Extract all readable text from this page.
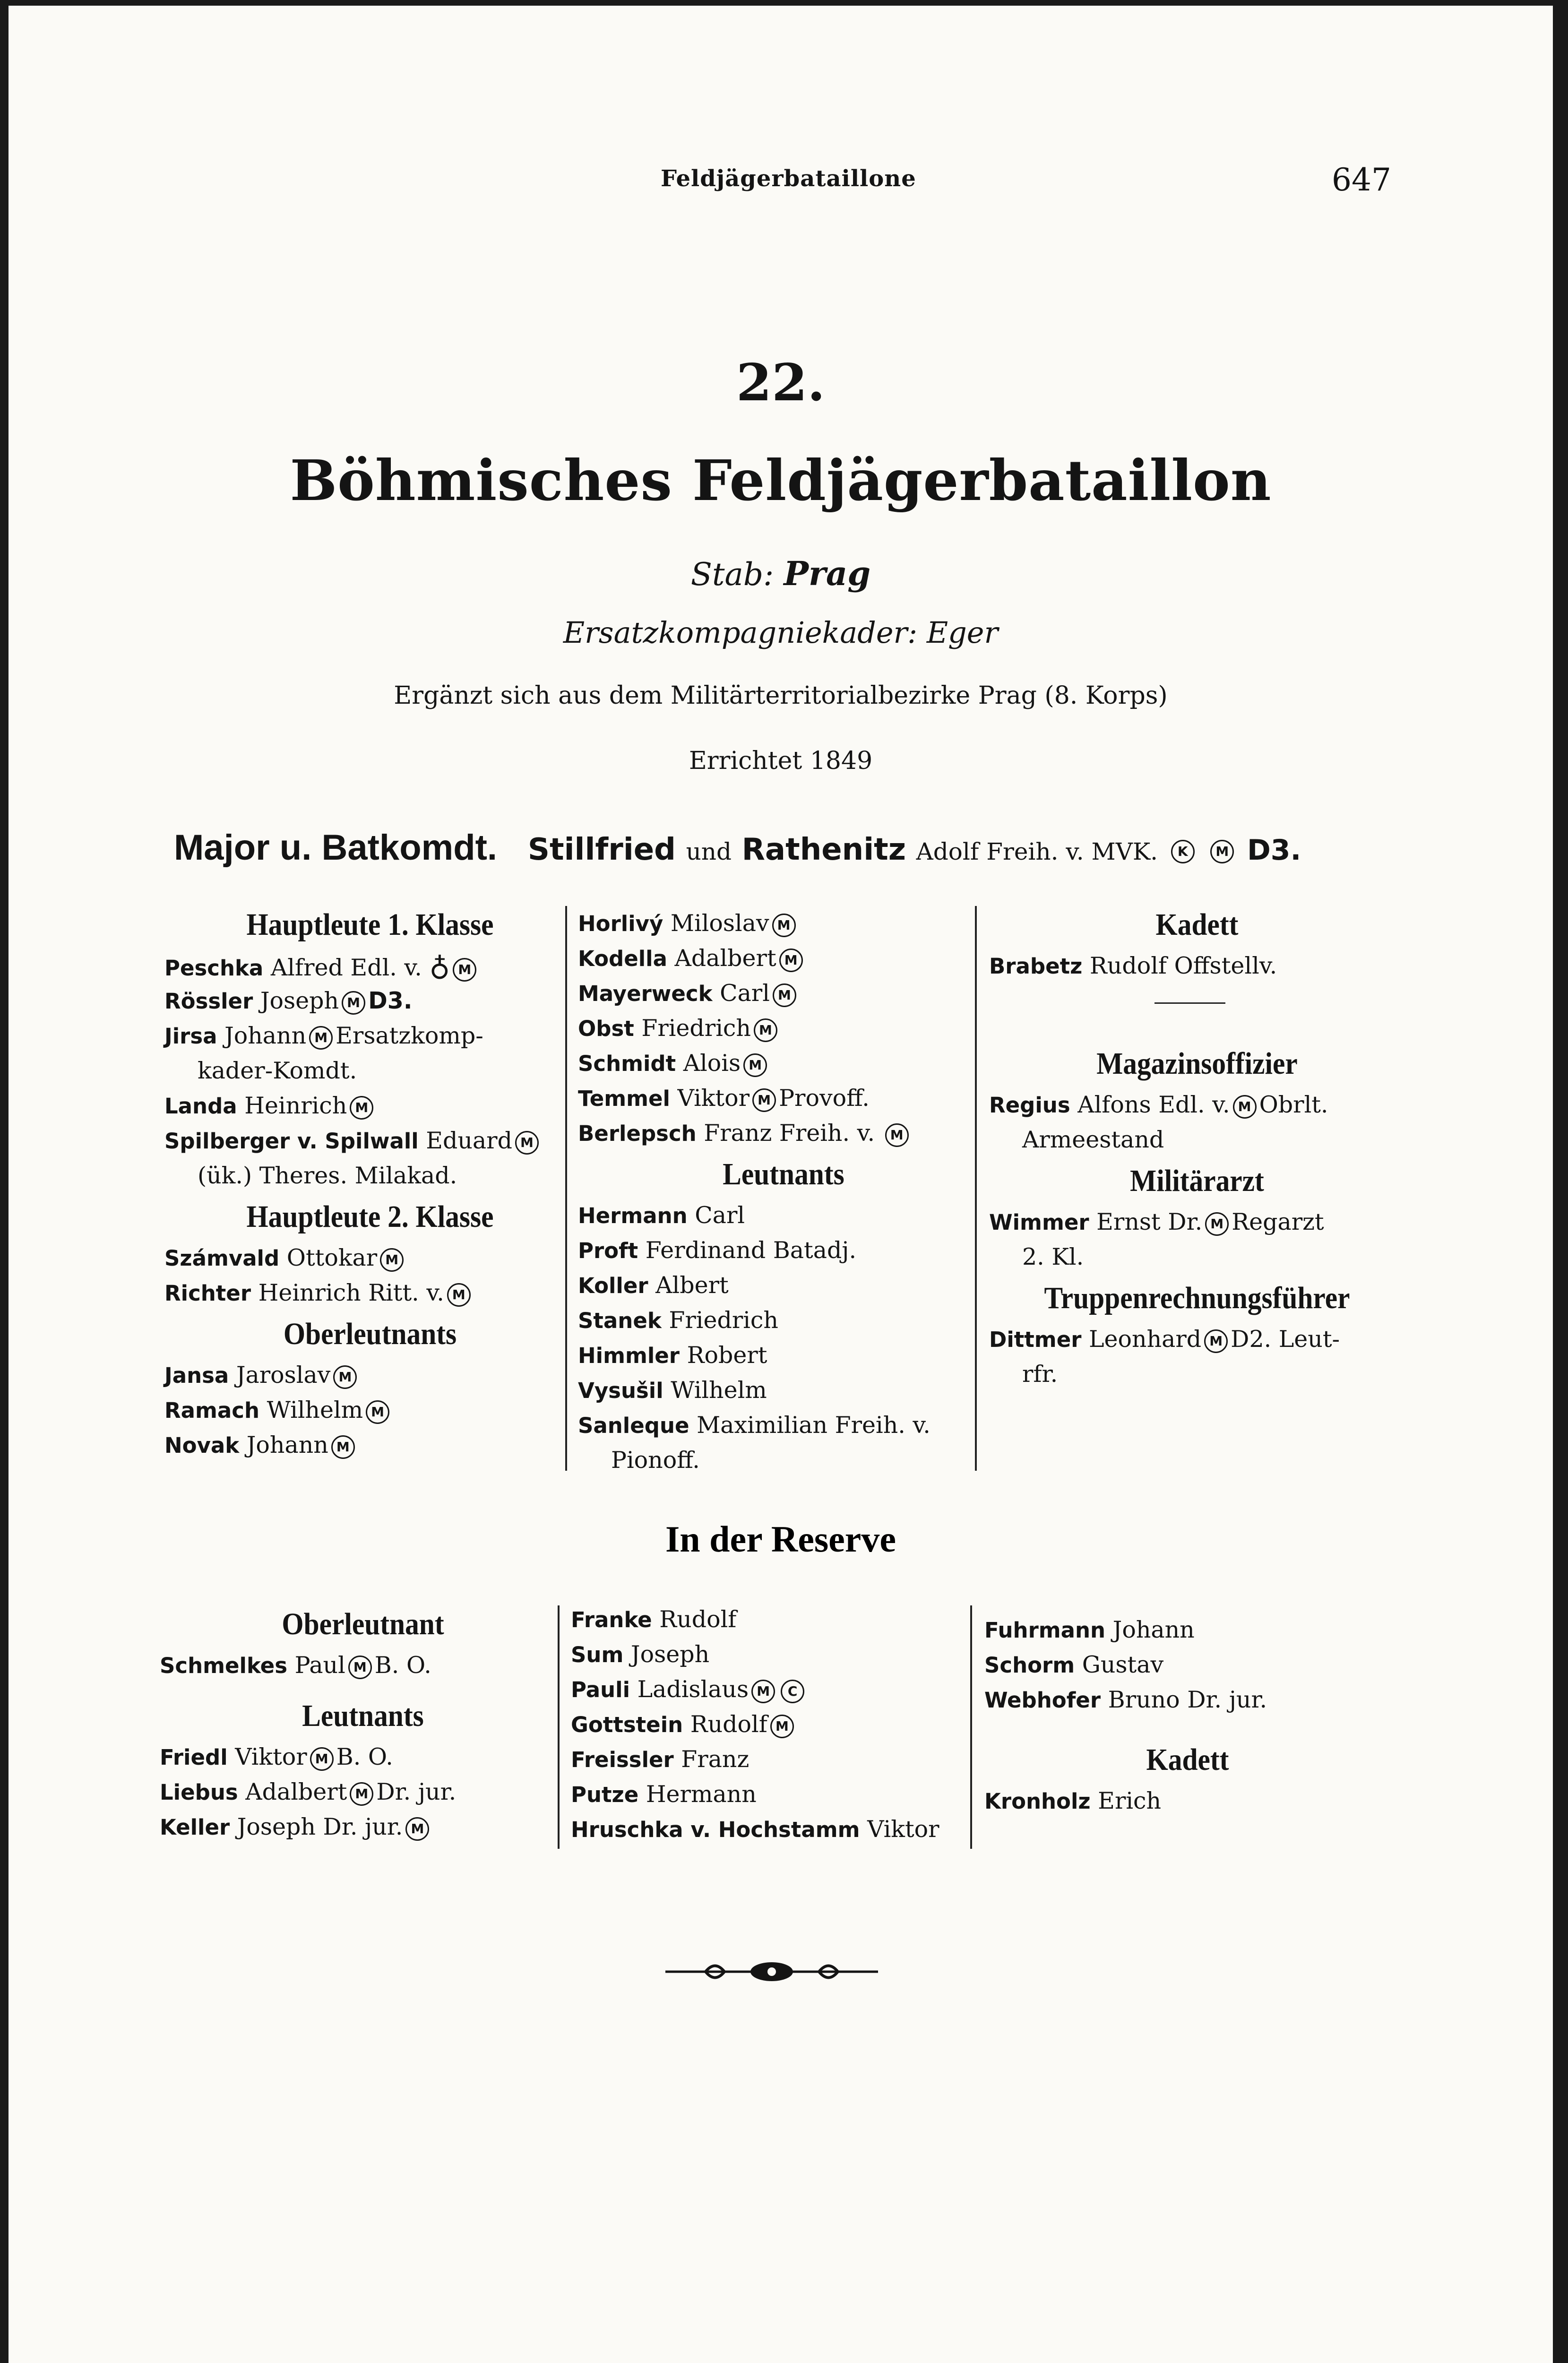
Feldjägerbataillone	647
22.
Böhmisches Feldjägerbataillon
Stab: Prag
Ersatzkompagniekader: Eger
Ergänzt sich aus dem Militärterritorialbezirke Prag (8. Korps)
Errichtet 1849
Major u. Batkomdt. Stillfried und Rathenitz Adolf Freih. v. MVK. K M D3.
Hauptleute 1. Klasse
Peschka Alfred Edl. v. ♁ M
Rössler Joseph M D3.
Jirsa Johann M Ersatzkomp-
kader-Komdt.
Landa Heinrich M
Spilberger v. Spilwall Eduard M
(ük.) Theres. Milakad.
Hauptleute 2. Klasse
Számvald Ottokar M
Richter Heinrich Ritt. v. M
Oberleutnants
Jansa Jaroslav M
Ramach Wilhelm M
Novak Johann M
Horlivý Miloslav M
Kodella Adalbert M
Mayerweck Carl M
Obst Friedrich M
Schmidt Alois M
Temmel Viktor M Provoff.
Berlepsch Franz Freih. v. M
Leutnants
Hermann Carl
Proft Ferdinand Batadj.
Koller Albert
Stanek Friedrich
Himmler Robert
Vysušil Wilhelm
Sanleque Maximilian Freih. v.
Pionoff.
Kadett
Brabetz Rudolf Offstellv.
Magazinsoffizier
Regius Alfons Edl. v. M Obrlt.
Armeestand
Militärarzt
Wimmer Ernst Dr. M Regarzt
2. Kl.
Truppenrechnungsführer
Dittmer Leonhard M D2. Leut-
rfr.
In der Reserve
Oberleutnant
Schmelkes Paul M B. O.
Leutnants
Friedl Viktor M B. O.
Liebus Adalbert M Dr. jur.
Keller Joseph Dr. jur. M
Franke Rudolf
Sum Joseph
Pauli Ladislaus M C
Gottstein Rudolf M
Freissler Franz
Putze Hermann
Hruschka v. Hochstamm Viktor
Fuhrmann Johann
Schorm Gustav
Webhofer Bruno Dr. jur.
Kadett
Kronholz Erich
